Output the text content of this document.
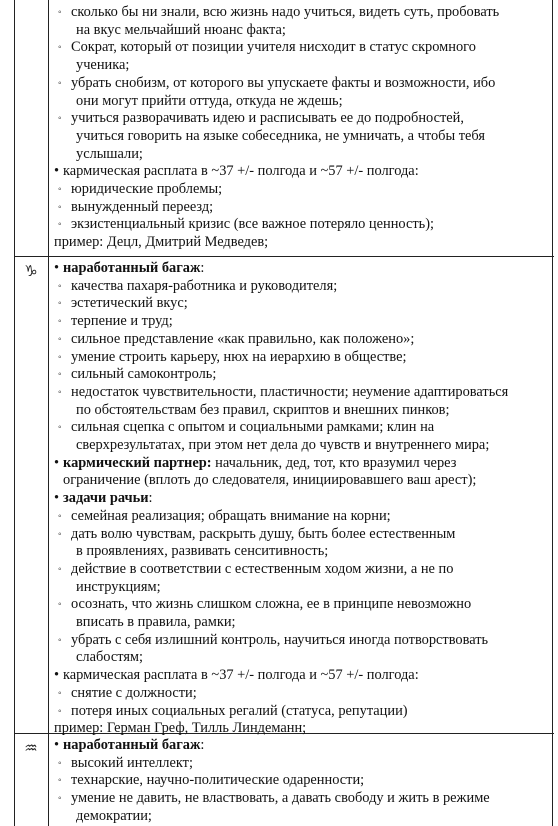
♑
♒
◦ сколько бы ни знали, всю жизнь надо учиться, видеть суть, пробовать
на вкус мельчайший нюанс факта;
◦ Сократ, который от позиции учителя нисходит в статус скромного
ученика;
◦ убрать снобизм, от которого вы упускаете факты и возможности, ибо
они могут прийти оттуда, откуда не ждешь;
◦ учиться разворачивать идею и расписывать ее до подробностей,
учиться говорить на языке собеседника, не умничать, а чтобы тебя
услышали;
• кармическая расплата в ~37 +/- полгода и ~57 +/- полгода:
◦ юридические проблемы;
◦ вынужденный переезд;
◦ экзистенциальный кризис (все важное потеряло ценность);
пример: Децл, Дмитрий Медведев;
• наработанный багаж:
◦ качества пахаря-работника и руководителя;
◦ эстетический вкус;
◦ терпение и труд;
◦ сильное представление «как правильно, как положено»;
◦ умение строить карьеру, нюх на иерархию в обществе;
◦ сильный самоконтроль;
◦ недостаток чувствительности, пластичности; неумение адаптироваться
по обстоятельствам без правил, скриптов и внешних пинков;
◦ сильная сцепка с опытом и социальными рамками; клин на
сверхрезультатах, при этом нет дела до чувств и внутреннего мира;
• кармический партнер: начальник, дед, тот, кто вразумил через
ограничение (вплоть до следователя, инициировавшего ваш арест);
• задачи рачьи:
◦ семейная реализация; обращать внимание на корни;
◦ дать волю чувствам, раскрыть душу, быть более естественным
в проявлениях, развивать сенситивность;
◦ действие в соответствии с естественным ходом жизни, а не по
инструкциям;
◦ осознать, что жизнь слишком сложна, ее в принципе невозможно
вписать в правила, рамки;
◦ убрать с себя излишний контроль, научиться иногда потворствовать
слабостям;
• кармическая расплата в ~37 +/- полгода и ~57 +/- полгода:
◦ снятие с должности;
◦ потеря иных социальных регалий (статуса, репутации)
пример: Герман Греф, Тилль Линдеманн;
• наработанный багаж:
◦ высокий интеллект;
◦ технарские, научно-политические одаренности;
◦ умение не давить, не властвовать, а давать свободу и жить в режиме
демократии;
